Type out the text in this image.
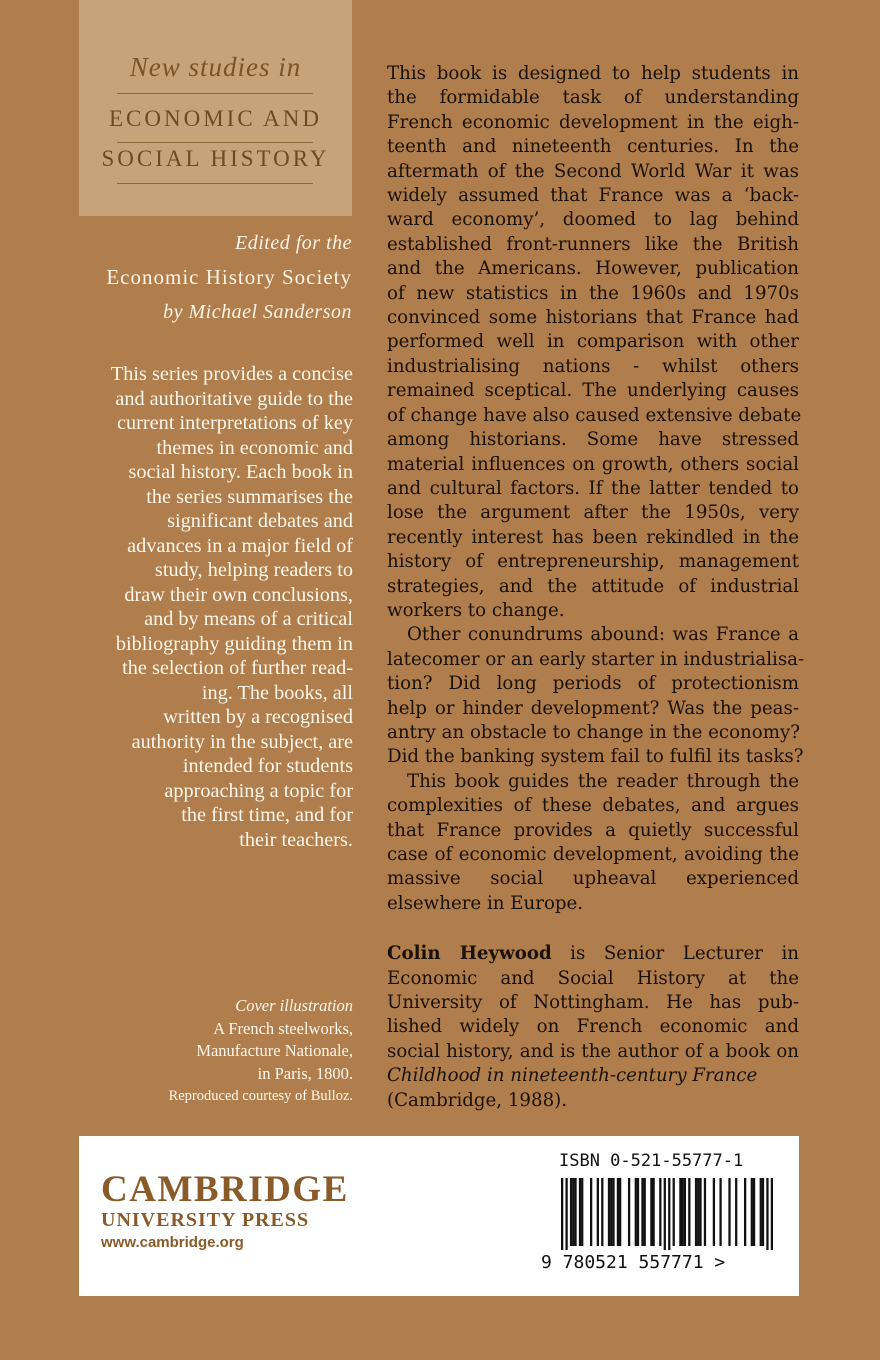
New studies in
ECONOMIC AND
SOCIAL HISTORY
Edited for the
Economic History Society
by Michael Sanderson
This series provides a concise
and authoritative guide to the
current interpretations of key
themes in economic and
social history. Each book in
the series summarises the
significant debates and
advances in a major field of
study, helping readers to
draw their own conclusions,
and by means of a critical
bibliography guiding them in
the selection of further read-
ing. The books, all
written by a recognised
authority in the subject, are
intended for students
approaching a topic for
the first time, and for
their teachers.
Cover illustration
A French steelworks,
Manufacture Nationale,
in Paris, 1800.
Reproduced courtesy of Bulloz.
This book is designed to help students in
the formidable task of understanding
French economic development in the eigh-
teenth and nineteenth centuries. In the
aftermath of the Second World War it was
widely assumed that France was a ‘back-
ward economy’, doomed to lag behind
established front-runners like the British
and the Americans. However, publication
of new statistics in the 1960s and 1970s
convinced some historians that France had
performed well in comparison with other
industrialising nations - whilst others
remained sceptical. The underlying causes
of change have also caused extensive debate
among historians. Some have stressed
material influences on growth, others social
and cultural factors. If the latter tended to
lose the argument after the 1950s, very
recently interest has been rekindled in the
history of entrepreneurship, management
strategies, and the attitude of industrial
workers to change.
Other conundrums abound: was France a
latecomer or an early starter in industrialisa-
tion? Did long periods of protectionism
help or hinder development? Was the peas-
antry an obstacle to change in the economy?
Did the banking system fail to fulfil its tasks?
This book guides the reader through the
complexities of these debates, and argues
that France provides a quietly successful
case of economic development, avoiding the
massive social upheaval experienced
elsewhere in Europe.
Colin Heywood is Senior Lecturer in
Economic and Social History at the
University of Nottingham. He has pub-
lished widely on French economic and
social history, and is the author of a book on
Childhood in nineteenth-century France
(Cambridge, 1988).
CAMBRIDGE
UNIVERSITY PRESS
www.cambridge.org
ISBN 0-521-55777-1
9 780521 557771 >
